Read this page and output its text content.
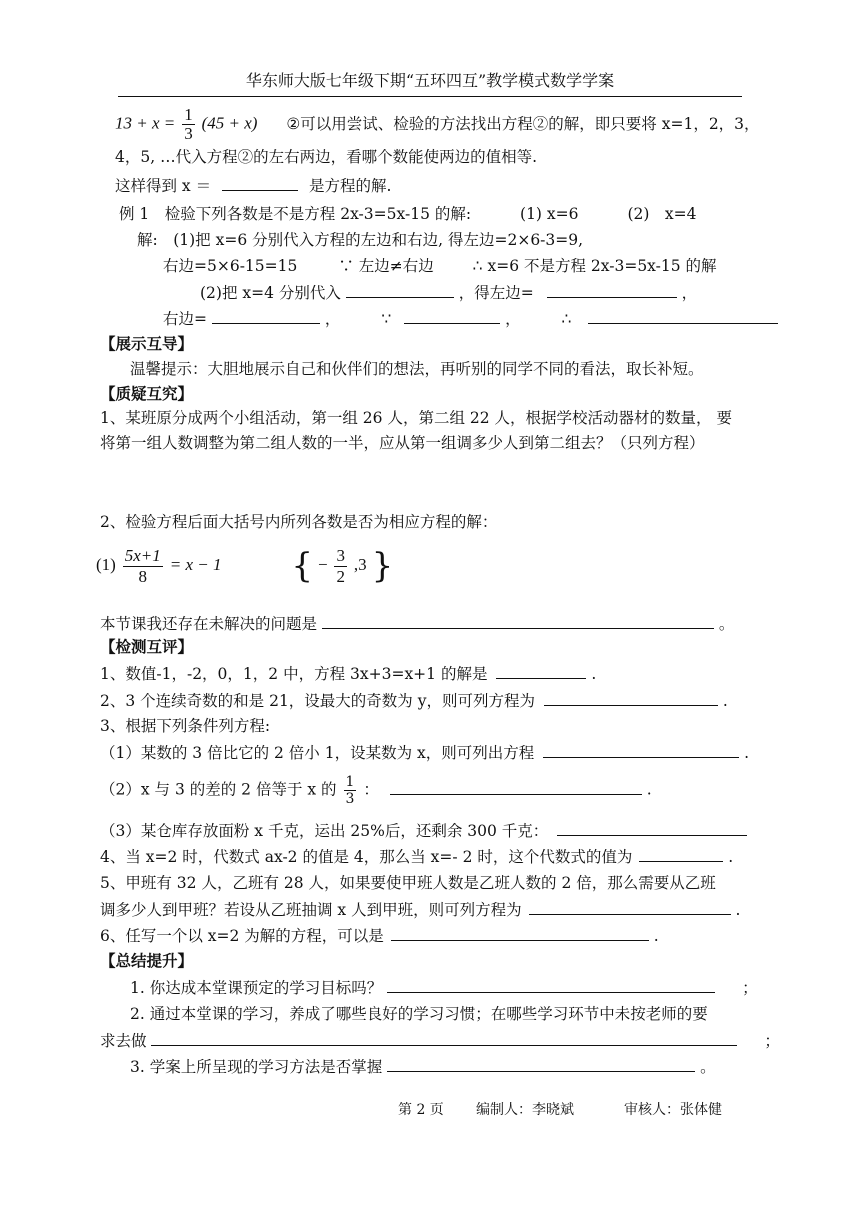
华东师大版七年级下期“五环四互”教学模式数学学案
$13 + x = \frac{1}{3} (45 + x)$ ②可以用尝试、检验的方法找出方程②的解，即只要将 x=1，2，3，
4，5, …代入方程②的左右两边，看哪个数能使两边的值相等.
这样得到 x ＝	是方程的解.
例 1　检验下列各数是不是方程 2x-3=5x-15 的解:	(1) x=6	(2)　x=4
解:　(1)把 x=6 分别代入方程的左边和右边, 得左边=2×6-3=9,
右边=5×6-15=15	∵ 左边≠右边	∴ x=6 不是方程 2x-3=5x-15 的解
(2)把 x=4 分别代入	，得左边=	，
右边=	，	∵	，	∴
【展示互导】
温馨提示：大胆地展示自己和伙伴们的想法，再听别的同学不同的看法，取长补短。
【质疑互究】
1、某班原分成两个小组活动，第一组 26 人，第二组 22 人，根据学校活动器材的数量， 要
将第一组人数调整为第二组人数的一半，应从第一组调多少人到第二组去？（只列方程）
2、检验方程后面大括号内所列各数是否为相应方程的解：
$(1) \frac{5x+1}{8} = x - 1$ { − $\frac{3}{2} ,3$ }
本节课我还存在未解决的问题是	。
【检测互评】
1、数值-1，-2，0，1，2 中，方程 3x+3=x+1 的解是	.
2、3 个连续奇数的和是 21，设最大的奇数为 y，则可列方程为	.
3、根据下列条件列方程:
（1）某数的 3 倍比它的 2 倍小 1，设某数为 x，则可列出方程	.
（2）x 与 3 的差的 2 倍等于 x 的 $\frac{1}{3}$ ：	.
（3）某仓库存放面粉 x 千克，运出 25%后，还剩余 300 千克：
4、当 x=2 时，代数式 ax-2 的值是 4，那么当 x=- 2 时，这个代数式的值为	.
5、甲班有 32 人，乙班有 28 人，如果要使甲班人数是乙班人数的 2 倍，那么需要从乙班
调多少人到甲班？若设从乙班抽调 x 人到甲班，则可列方程为	.
6、任写一个以 x=2 为解的方程，可以是	.
【总结提升】
1. 你达成本堂课预定的学习目标吗？	；
2. 通过本堂课的学习，养成了哪些良好的学习习惯；在哪些学习环节中未按老师的要
求去做	；
3. 学案上所呈现的学习方法是否掌握	。
第 2 页 编制人：李晓斌	审核人：张体健
